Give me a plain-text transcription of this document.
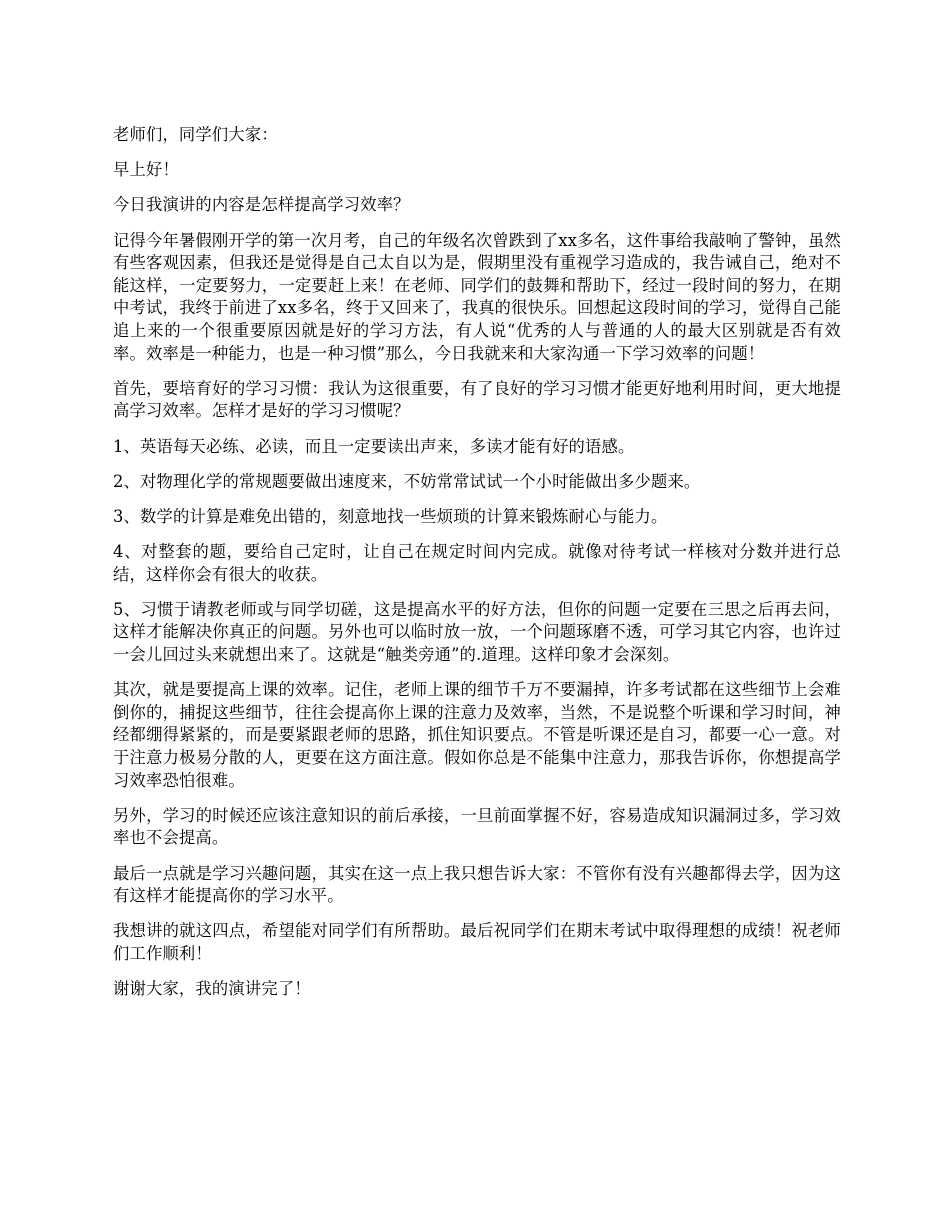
老师们，同学们大家：

早上好！

今日我演讲的内容是怎样提高学习效率？

记得今年暑假刚开学的第一次月考，自己的年级名次曾跌到了xx多名，这件事给我敲响了警钟，虽然有些客观因素，但我还是觉得是自己太自以为是，假期里没有重视学习造成的，我告诫自己，绝对不能这样，一定要努力，一定要赶上来！在老师、同学们的鼓舞和帮助下，经过一段时间的努力，在期中考试，我终于前进了xx多名，终于又回来了，我真的很快乐。回想起这段时间的学习，觉得自己能追上来的一个很重要原因就是好的学习方法，有人说“优秀的人与普通的人的最大区别就是否有效率。效率是一种能力，也是一种习惯”那么，今日我就来和大家沟通一下学习效率的问题！

首先，要培育好的学习习惯：我认为这很重要，有了良好的学习习惯才能更好地利用时间，更大地提高学习效率。怎样才是好的学习习惯呢？

1、英语每天必练、必读，而且一定要读出声来，多读才能有好的语感。

2、对物理化学的常规题要做出速度来，不妨常常试试一个小时能做出多少题来。

3、数学的计算是难免出错的，刻意地找一些烦琐的计算来锻炼耐心与能力。

4、对整套的题，要给自己定时，让自己在规定时间内完成。就像对待考试一样核对分数并进行总结，这样你会有很大的收获。

5、习惯于请教老师或与同学切磋，这是提高水平的好方法，但你的问题一定要在三思之后再去问，这样才能解决你真正的问题。另外也可以临时放一放，一个问题琢磨不透，可学习其它内容，也许过一会儿回过头来就想出来了。这就是“触类旁通”的.道理。这样印象才会深刻。

其次，就是要提高上课的效率。记住，老师上课的细节千万不要漏掉，许多考试都在这些细节上会难倒你的，捕捉这些细节，往往会提高你上课的注意力及效率，当然，不是说整个听课和学习时间，神经都绷得紧紧的，而是要紧跟老师的思路，抓住知识要点。不管是听课还是自习，都要一心一意。对于注意力极易分散的人，更要在这方面注意。假如你总是不能集中注意力，那我告诉你，你想提高学习效率恐怕很难。

另外，学习的时候还应该注意知识的前后承接，一旦前面掌握不好，容易造成知识漏洞过多，学习效率也不会提高。

最后一点就是学习兴趣问题，其实在这一点上我只想告诉大家：不管你有没有兴趣都得去学，因为这有这样才能提高你的学习水平。

我想讲的就这四点，希望能对同学们有所帮助。最后祝同学们在期末考试中取得理想的成绩！祝老师们工作顺利！

谢谢大家，我的演讲完了！
